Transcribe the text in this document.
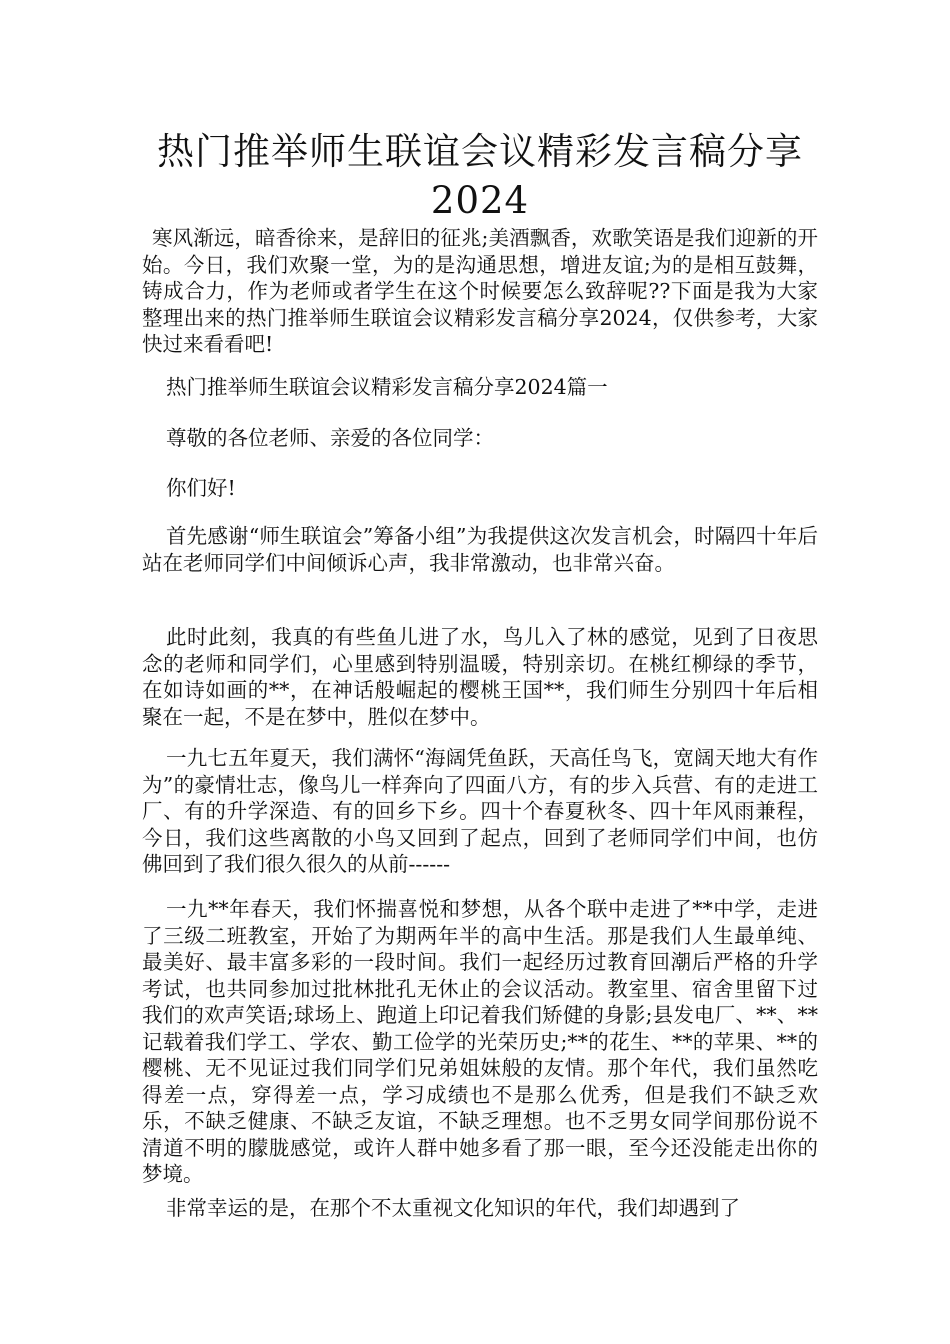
热门推举师生联谊会议精彩发言稿分享
2024

寒风渐远，暗香徐来，是辞旧的征兆;美酒飘香，欢歌笑语是我们迎新的开始。今日，我们欢聚一堂，为的是沟通思想，增进友谊;为的是相互鼓舞，铸成合力，作为老师或者学生在这个时候要怎么致辞呢??下面是我为大家整理出来的热门推举师生联谊会议精彩发言稿分享2024，仅供参考，大家快过来看看吧!

热门推举师生联谊会议精彩发言稿分享2024篇一

尊敬的各位老师、亲爱的各位同学：

你们好!

首先感谢“师生联谊会”筹备小组”为我提供这次发言机会，时隔四十年后站在老师同学们中间倾诉心声，我非常激动，也非常兴奋。

此时此刻，我真的有些鱼儿进了水，鸟儿入了林的感觉，见到了日夜思念的老师和同学们，心里感到特别温暖，特别亲切。在桃红柳绿的季节，在如诗如画的**，在神话般崛起的樱桃王国**，我们师生分别四十年后相聚在一起，不是在梦中，胜似在梦中。

一九七五年夏天，我们满怀“海阔凭鱼跃，天高任鸟飞，宽阔天地大有作为”的豪情壮志，像鸟儿一样奔向了四面八方，有的步入兵营、有的走进工厂、有的升学深造、有的回乡下乡。四十个春夏秋冬、四十年风雨兼程，今日，我们这些离散的小鸟又回到了起点，回到了老师同学们中间，也仿佛回到了我们很久很久的从前------

一九**年春天，我们怀揣喜悦和梦想，从各个联中走进了**中学，走进了三级二班教室，开始了为期两年半的高中生活。那是我们人生最单纯、最美好、最丰富多彩的一段时间。我们一起经历过教育回潮后严格的升学考试，也共同参加过批林批孔无休止的会议活动。教室里、宿舍里留下过我们的欢声笑语;球场上、跑道上印记着我们矫健的身影;县发电厂、**、**记载着我们学工、学农、勤工俭学的光荣历史;**的花生、**的苹果、**的樱桃、无不见证过我们同学们兄弟姐妹般的友情。那个年代，我们虽然吃得差一点，穿得差一点，学习成绩也不是那么优秀，但是我们不缺乏欢乐，不缺乏健康、不缺乏友谊，不缺乏理想。也不乏男女同学间那份说不清道不明的朦胧感觉，或许人群中她多看了那一眼，至今还没能走出你的梦境。

非常幸运的是，在那个不太重视文化知识的年代，我们却遇到了
